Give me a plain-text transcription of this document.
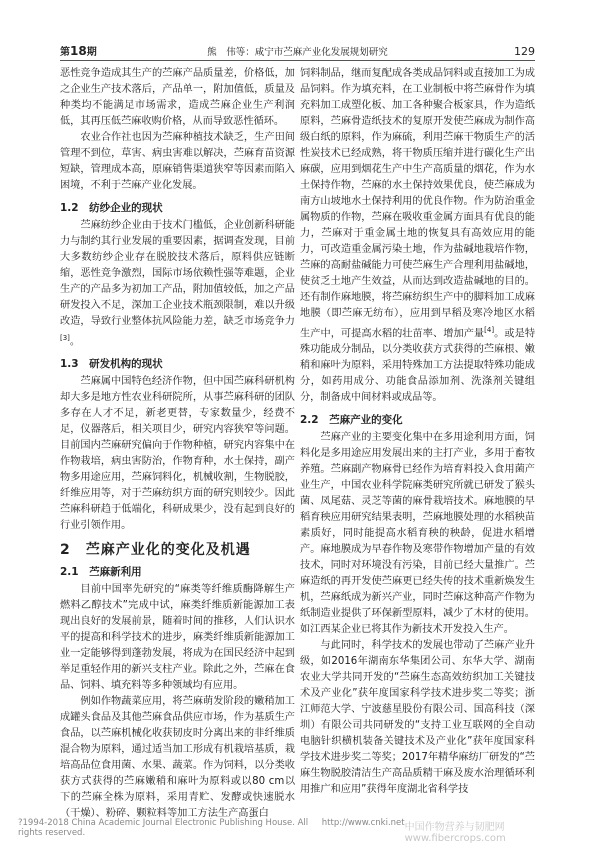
第18期	熊　伟等：咸宁市苎麻产业化发展规划研究	129

恶性竞争造成其生产的苎麻产品质量差，价格低，加之企业生产技术落后，产品单一，附加值低，质量及种类均不能满足市场需求，造成苎麻企业生产利润低，其再压低苎麻收购价格，从而导致恶性循环。

农业合作社也因为苎麻种植技术缺乏，生产田间管理不到位，草害、病虫害难以解决，苎麻育苗资源短缺，管理成本高，原麻销售渠道狭窄等因素而陷入困境，不利于苎麻产业化发展。

1.2　纺纱企业的现状

苎麻纺纱企业由于技术门槛低，企业创新科研能力与制约其行业发展的重要因素，据调查发现，目前大多数纺纱企业存在脱胶技术落后，原料供应链断缩，恶性竞争激烈，国际市场依赖性强等难题，企业生产的产品多为初加工产品，附加值较低，加之产品研发投入不足，深加工企业技术瓶颈限制，难以升级改造，导致行业整体抗风险能力差，缺乏市场竞争力[3]。

1.3　研发机构的现状

苎麻属中国特色经济作物，但中国苎麻科研机构却大多是地方性农业科研院所，从事苎麻科研的团队多存在人才不足，新老更替，专家数量少，经费不足，仪器落后，相关项目少，研究内容狭窄等问题。目前国内苎麻研究偏向于作物种植，研究内容集中在作物栽培，病虫害防治，作物育种，水土保持，副产物多用途应用，苎麻饲料化，机械收割，生物脱胶，纤维应用等，对于苎麻纺织方面的研究则较少。因此苎麻科研趋于低端化，科研成果少，没有起到良好的行业引领作用。

2　苎麻产业化的变化及机遇
2.1　苎麻新利用

目前中国率先研究的“麻类等纤维质酶降解生产燃料乙醇技术”完成中试，麻类纤维质新能源加工表现出良好的发展前景，随着时间的推移，人们认识水平的提高和科学技术的进步，麻类纤维质新能源加工业一定能够得到蓬勃发展，将成为在国民经济中起到举足重轻作用的新兴支柱产业。除此之外，苎麻在食品、饲料、填充料等多种领域均有应用。

例如作物蔬菜应用，将苎麻萌发阶段的嫩稍加工成罐头食品及其他苎麻食品供应市场，作为基质生产食品，以苎麻机械化收获韧皮时分离出来的非纤维质混合物为原料，通过适当加工形成有机栽培基质，栽培高品位食用菌、水果、蔬菜。作为饲料，以分类收获方式获得的苎麻嫩稍和麻叶为原料或以80 cm以下的苎麻全株为原料，采用青贮、发酵或快速脱水（干燥）、粉碎、颗粒料等加工方法生产高蛋白

饲料制品，继而复配成各类成品饲料或直接加工为成品饲料。作为填充料，在工业制板中将苎麻骨作为填充料加工成塑化板、加工各种聚合板家具，作为造纸原料，苎麻骨造纸技术的复原开发使苎麻成为制作高级白纸的原料，作为麻硫，利用苎麻干物质生产的活性炭技术已经成熟，将干物质压缩并进行碳化生产出麻碳，应用到烟花生产中生产高质量的烟花，作为水土保持作物，苎麻的水土保持效果优良，使苎麻成为南方山坡地水土保持利用的优良作物。作为防治重金属物质的作物，苎麻在吸收重金属方面具有优良的能力，苎麻对于重金属土地的恢复具有高效应用的能力，可改造重金属污染土地，作为盐碱地栽培作物，苎麻的高耐盐碱能力可使苎麻生产合理利用盐碱地，使贫乏土地产生效益，从而达到改造盐碱地的目的。还有制作麻地膜，将苎麻纺织生产中的脚料加工成麻地膜（即苎麻无纺布），应用到早稻及寒冷地区水稻生产中，可提高水稻的壮苗率、增加产量[4]。或是特殊功能成分制品，以分类收获方式获得的苎麻根、嫩稍和麻叶为原料，采用特殊加工方法提取特殊功能成分，如药用成分、功能食品添加剂、洗涤剂关键组分，制备成中间材料或成品等。

2.2　苎麻产业的变化

苎麻产业的主要变化集中在多用途利用方面，饲料化是多用途应用发展出来的主打产业，多用于畜牧养殖。苎麻副产物麻骨已经作为培育料投入食用菌产业生产，中国农业科学院麻类研究所就已研发了猴头菌、凤尾菇、灵芝等菌的麻骨栽培技术。麻地膜的早稻育秧应用研究结果表明，苎麻地膜处理的水稻秧苗素质好，同时能提高水稻育秧的秧龄，促进水稻增产。麻地膜成为早春作物及寒带作物增加产量的有效技术，同时对环境没有污染，目前已经大量推广。苎麻造纸的再开发使苎麻更已经失传的技术重新焕发生机，苎麻纸成为新兴产业，同时苎麻这种高产作物为纸制造业提供了环保新型原料，减少了木材的使用。如江西某企业已将其作为新技术开发投入生产。

与此同时，科学技术的发展也带动了苎麻产业升级，如2016年湖南东华集团公司、东华大学、湖南农业大学共同开发的“苎麻生态高效纺织加工关键技术及产业化”获年度国家科学技术进步奖二等奖；浙江师范大学、宁波慈星股份有限公司、国高科技（深圳）有限公司共同研发的“支持工业互联网的全自动电脑针织横机装备关键技术及产业化”获年度国家科学技术进步奖二等奖；2017年精华麻纺厂研发的“苎麻生物脱胶清洁生产高品质精干麻及废水治理循环利用推广和应用”获得年度湖北省科学技

?1994-2018 China Academic Journal Electronic Publishing House. All rights reserved.
http://www.cnki.net 中国作物营养与韧肥网 www.fibercrops.com
